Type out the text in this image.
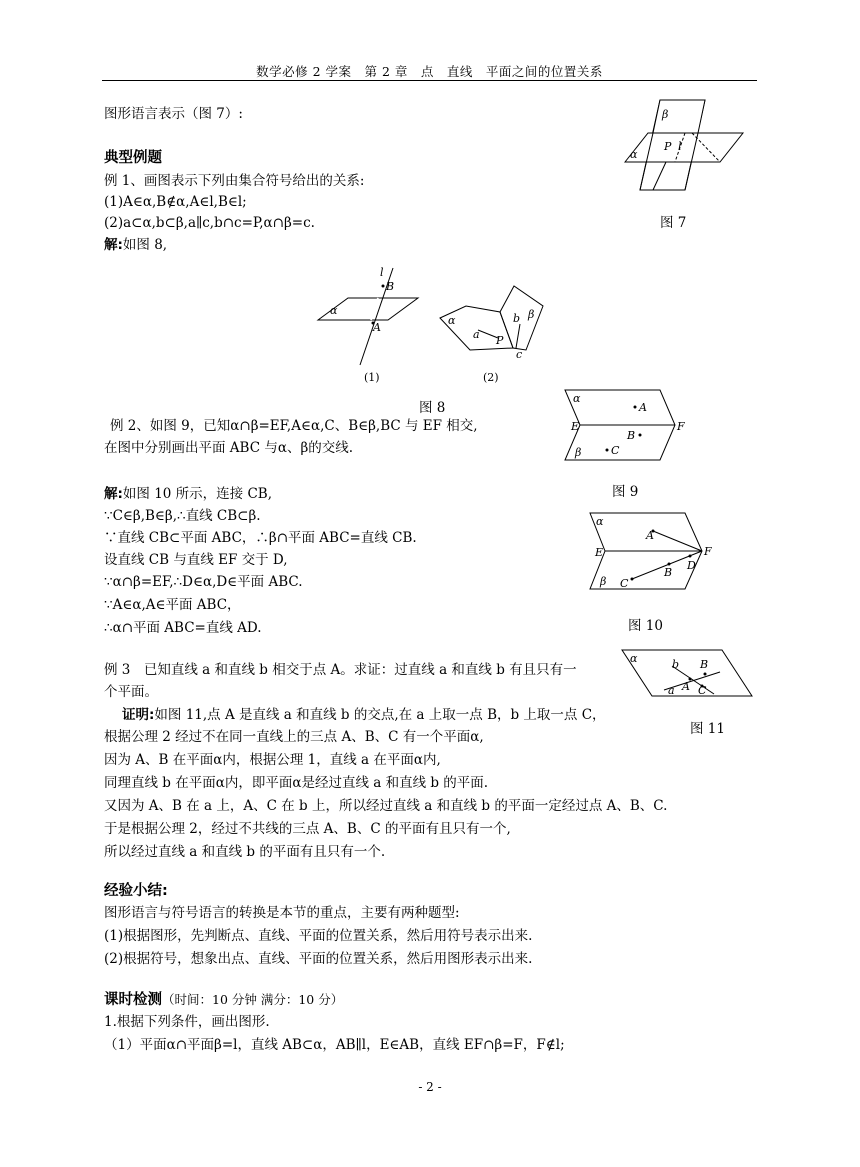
数学必修 2 学案　第 2 章　点　直线　平面之间的位置关系
图形语言表示（图 7）:
典型例题
例 1、画图表示下列由集合符号给出的关系:
(1)A∈α,B∉α,A∈l,B∈l;
(2)a⊂α,b⊂β,a∥c,b∩c=P,α∩β=c.
解:如图 8,
β
α
P l
图 7
l
B
α
A
(1)
α
a P
b β
c
(2)
图 8
α
A
E
B
F
β	C
图 9
例 2、如图 9，已知α∩β=EF,A∈α,C、B∈β,BC 与 EF 相交,
在图中分别画出平面 ABC 与α、β的交线.
解:如图 10 所示，连接 CB,
∵C∈β,B∈β,∴直线 CB⊂β.
∵直线 CB⊂平面 ABC，∴β∩平面 ABC=直线 CB.
设直线 CB 与直线 EF 交于 D,
∵α∩β=EF,∴D∈α,D∈平面 ABC.
∵A∈α,A∈平面 ABC，
∴α∩平面 ABC=直线 AD.
α
A
E	F
D
B
β C
图 10
例 3　已知直线 a 和直线 b 相交于点 A。求证：过直线 a 和直线 b 有且只有一
个平面。
证明:如图 11,点 A 是直线 a 和直线 b 的交点,在 a 上取一点 B，b 上取一点 C，
根据公理 2 经过不在同一直线上的三点 A、B、C 有一个平面α,
因为 A、B 在平面α内，根据公理 1，直线 a 在平面α内,
同理直线 b 在平面α内，即平面α是经过直线 a 和直线 b 的平面.
又因为 A、B 在 a 上，A、C 在 b 上，所以经过直线 a 和直线 b 的平面一定经过点 A、B、C.
于是根据公理 2，经过不共线的三点 A、B、C 的平面有且只有一个,
所以经过直线 a 和直线 b 的平面有且只有一个.
α	b B
a A C
图 11
经验小结:
图形语言与符号语言的转换是本节的重点，主要有两种题型:
(1)根据图形，先判断点、直线、平面的位置关系，然后用符号表示出来.
(2)根据符号，想象出点、直线、平面的位置关系，然后用图形表示出来.
课时检测（时间：10 分钟 满分：10 分）
1.根据下列条件，画出图形.
（1）平面α∩平面β=l，直线 AB⊂α，AB∥l，E∈AB，直线 EF∩β=F，F∉l;
- 2 -
